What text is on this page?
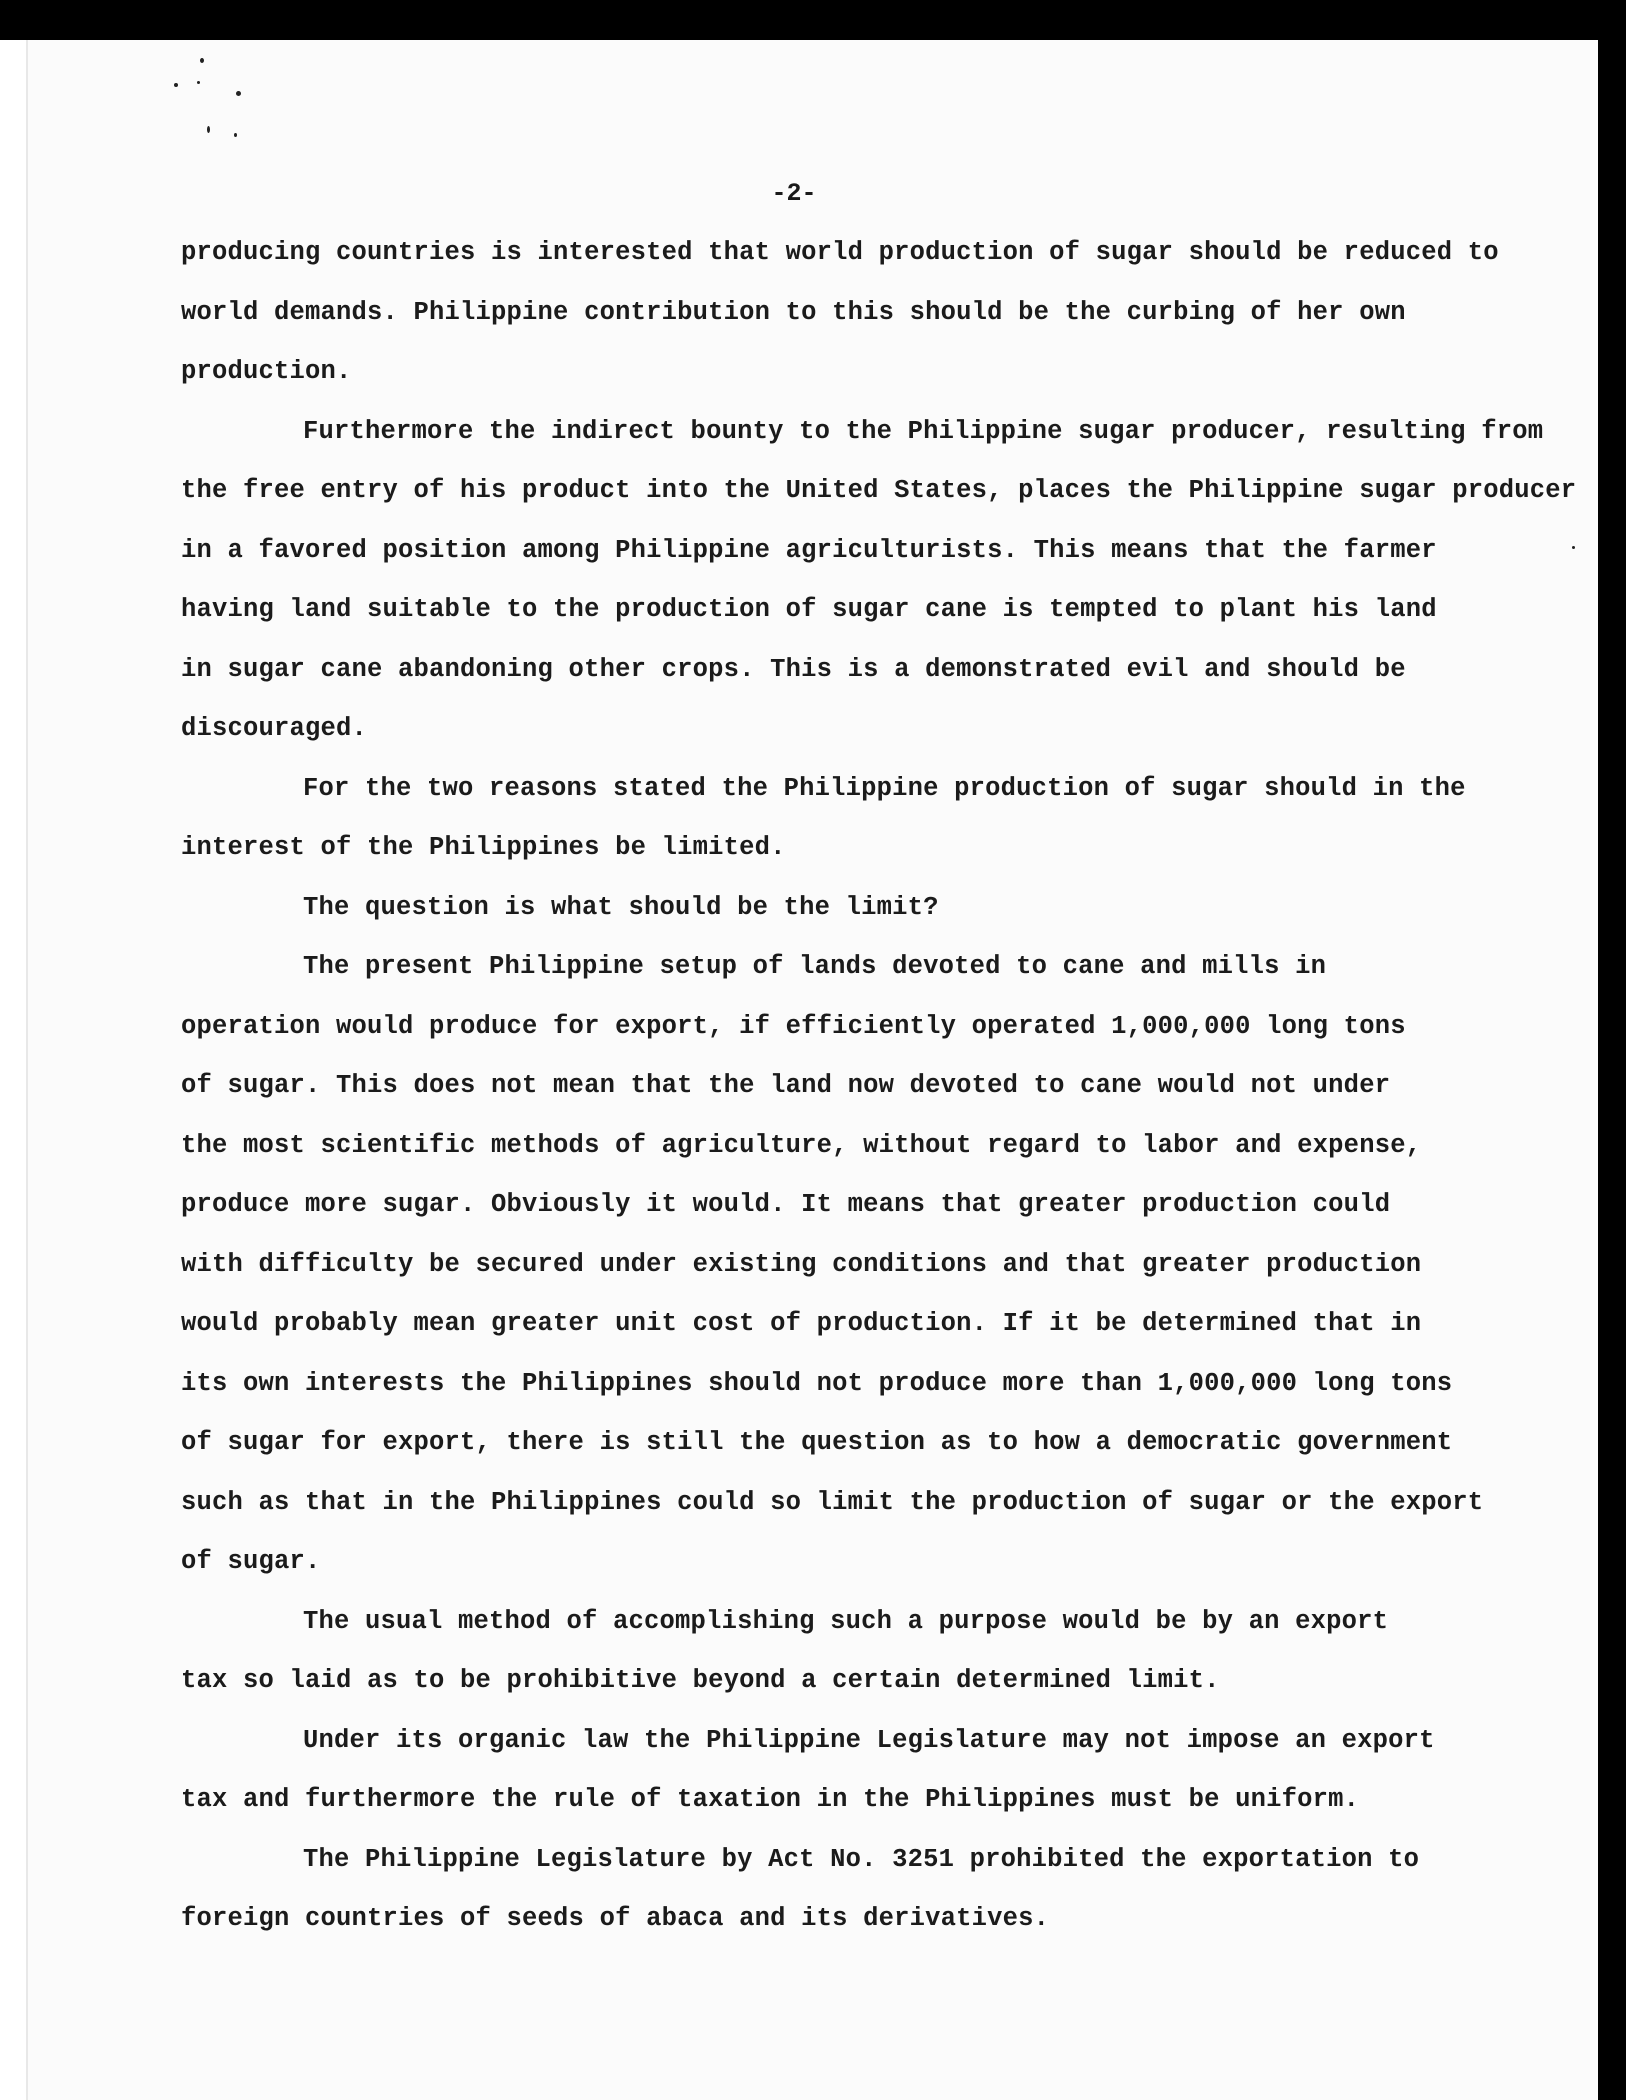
-2-
producing countries is interested that world production of sugar should be reduced to
world demands. Philippine contribution to this should be the curbing of her own
production.
Furthermore the indirect bounty to the Philippine sugar producer, resulting from
the free entry of his product into the United States, places the Philippine sugar producer
in a favored position among Philippine agriculturists. This means that the farmer
having land suitable to the production of sugar cane is tempted to plant his land
in sugar cane abandoning other crops. This is a demonstrated evil and should be
discouraged.
For the two reasons stated the Philippine production of sugar should in the
interest of the Philippines be limited.
The question is what should be the limit?
The present Philippine setup of lands devoted to cane and mills in
operation would produce for export, if efficiently operated 1,000,000 long tons
of sugar. This does not mean that the land now devoted to cane would not under
the most scientific methods of agriculture, without regard to labor and expense,
produce more sugar. Obviously it would. It means that greater production could
with difficulty be secured under existing conditions and that greater production
would probably mean greater unit cost of production. If it be determined that in
its own interests the Philippines should not produce more than 1,000,000 long tons
of sugar for export, there is still the question as to how a democratic government
such as that in the Philippines could so limit the production of sugar or the export
of sugar.
The usual method of accomplishing such a purpose would be by an export
tax so laid as to be prohibitive beyond a certain determined limit.
Under its organic law the Philippine Legislature may not impose an export
tax and furthermore the rule of taxation in the Philippines must be uniform.
The Philippine Legislature by Act No. 3251 prohibited the exportation to
foreign countries of seeds of abaca and its derivatives.
